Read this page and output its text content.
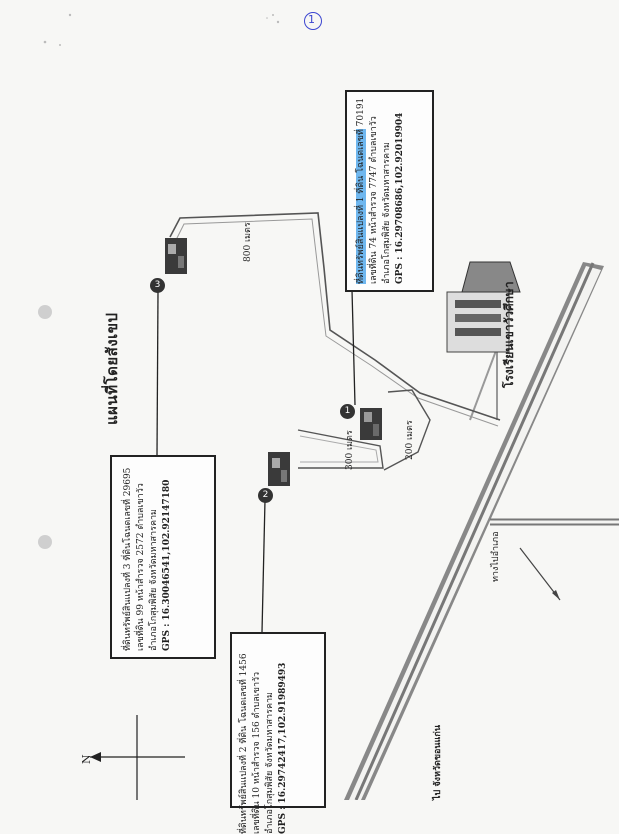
1
1
2
3
แผนที่โดยสังเขป
N
800 เมตร
300 เมตร	200 เมตร
โรงเรียนเขาวัวศึกษา
ทางไปอำเภอ
ไป จังหวัดขอนแก่น
ที่ดินทรัพย์สินแปลงที่ 1 ที่ดิน โฉนดเลขที่ 70191
เลขที่ดิน 74 หน้าสำรวจ 7747 ตำบลเขาวัว อำเภอโกสุมพิสัย จังหวัดมหาสารคาม GPS : 16.29708686,102.92019904
ที่ดินทรัพย์สินแปลงที่ 3 ที่ดินโฉนดเลขที่ 29695 เลขที่ดิน 99 หน้าสำรวจ 2572 ตำบลเขาวัว อำเภอโกสุมพิสัย จังหวัดมหาสารคาม GPS : 16.30046541,102.92147180
ที่ดินทรัพย์สินแปลงที่ 2 ที่ดิน โฉนดเลขที่ 1456 เลขที่ดิน 10 หน้าสำรวจ 156 ตำบลเขาวัว อำเภอโกสุมพิสัย จังหวัดมหาสารคาม GPS : 16.29742417,102.91989493
